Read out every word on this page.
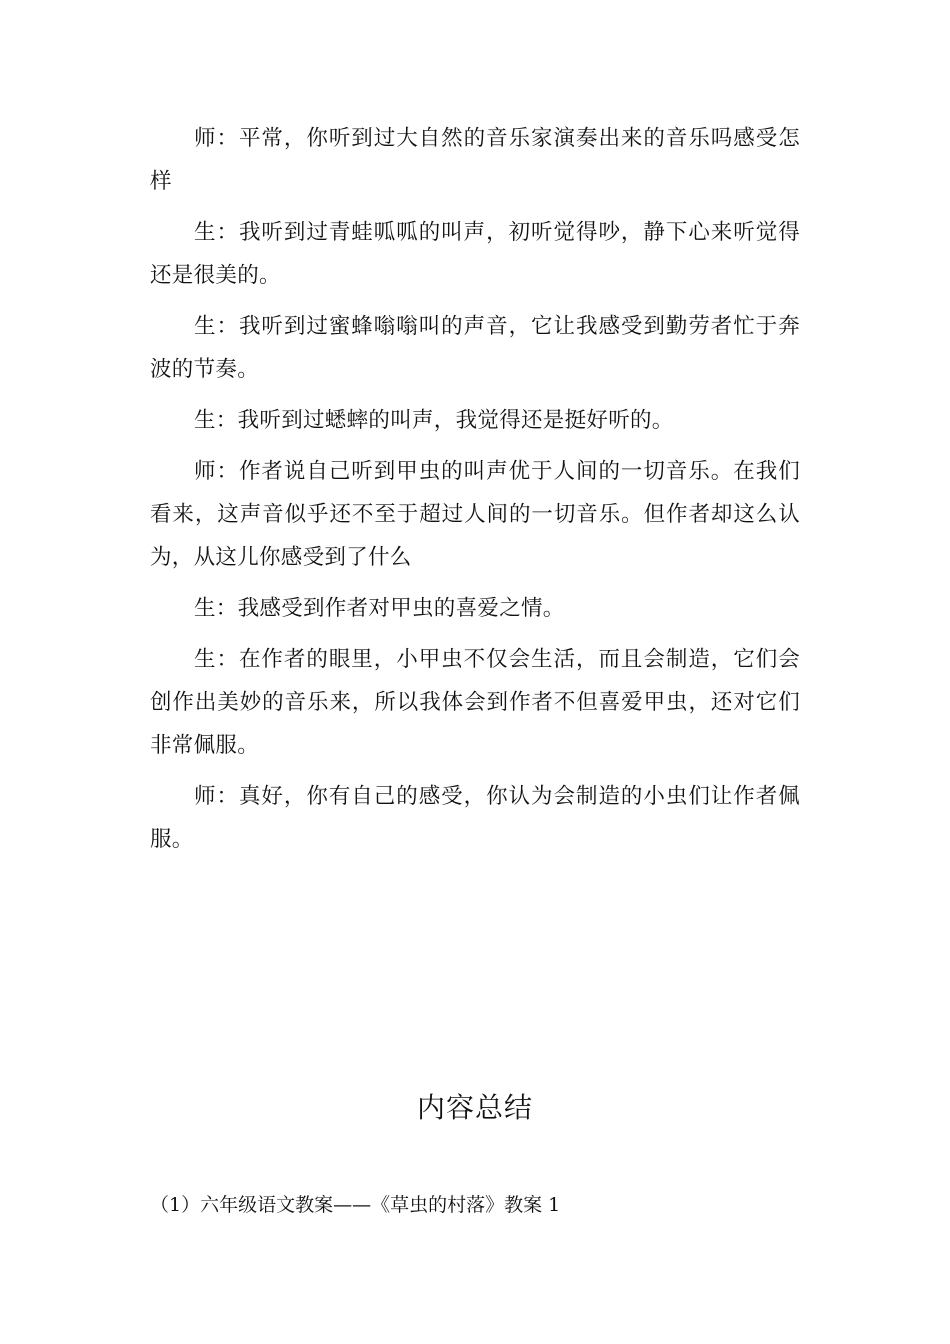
师：平常，你听到过大自然的音乐家演奏出来的音乐吗感受怎样

生：我听到过青蛙呱呱的叫声，初听觉得吵，静下心来听觉得还是很美的。

生：我听到过蜜蜂嗡嗡叫的声音，它让我感受到勤劳者忙于奔波的节奏。

生：我听到过蟋蟀的叫声，我觉得还是挺好听的。

师：作者说自己听到甲虫的叫声优于人间的一切音乐。在我们看来，这声音似乎还不至于超过人间的一切音乐。但作者却这么认为，从这儿你感受到了什么

生：我感受到作者对甲虫的喜爱之情。

生：在作者的眼里，小甲虫不仅会生活，而且会制造，它们会创作出美妙的音乐来，所以我体会到作者不但喜爱甲虫，还对它们非常佩服。

师：真好，你有自己的感受，你认为会制造的小虫们让作者佩服。

内容总结
（1）六年级语文教案——《草虫的村落》教案 1
